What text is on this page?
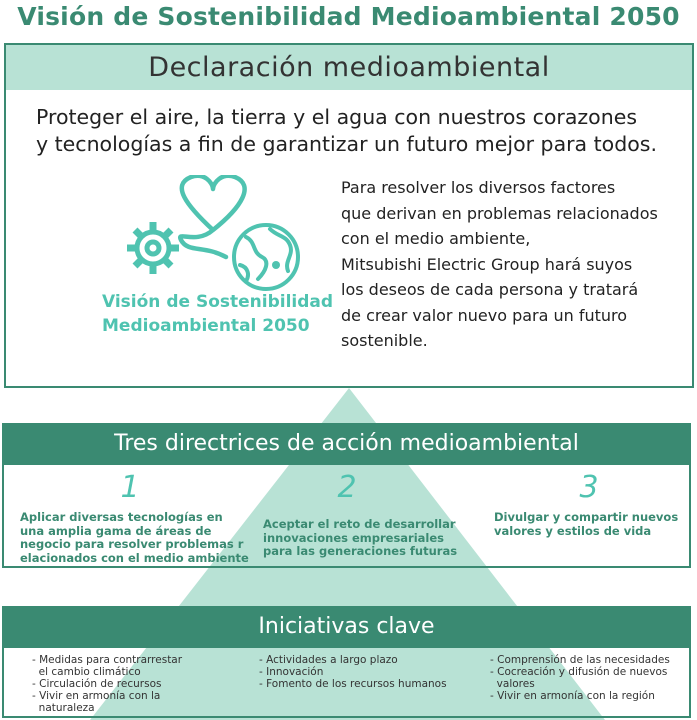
Visión de Sostenibilidad Medioambiental 2050
Declaración medioambiental
Proteger el aire, la tierra y el agua con nuestros corazones
y tecnologías a fin de garantizar un futuro mejor para todos.
Visión de Sostenibilidad
Medioambiental 2050
Para resolver los diversos factores
que derivan en problemas relacionados
con el medio ambiente,
Mitsubishi Electric Group hará suyos
los deseos de cada persona y tratará
de crear valor nuevo para un futuro
sostenible.
Tres directrices de acción medioambiental
1
Aplicar diversas tecnologías en
una amplia gama de áreas de
negocio para resolver problemas r
elacionados con el medio ambiente
2
Aceptar el reto de desarrollar
innovaciones empresariales
para las generaciones futuras
3
Divulgar y compartir nuevos
valores y estilos de vida
Iniciativas clave
- Medidas para contrarrestar
el cambio climático
- Circulación de recursos
- Vivir en armonía con la
naturaleza
- Actividades a largo plazo
- Innovación
- Fomento de los recursos humanos
- Comprensión de las necesidades
- Cocreación y difusión de nuevos
valores
- Vivir en armonía con la región
